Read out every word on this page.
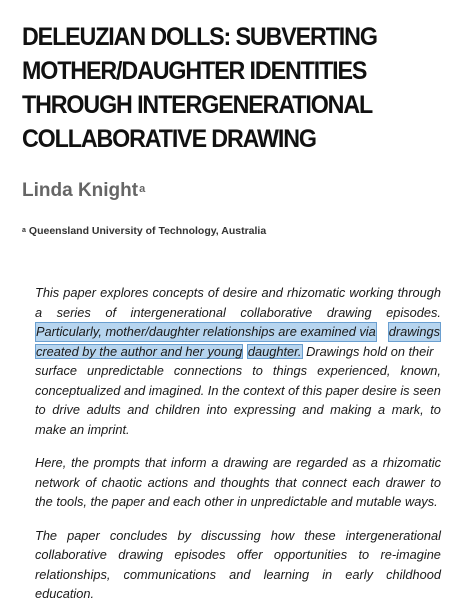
DELEUZIAN DOLLS: SUBVERTING
MOTHER/DAUGHTER IDENTITIES
THROUGH INTERGENERATIONAL
COLLABORATIVE DRAWING
Linda Knight$^a$
$^a$ Queensland University of Technology, Australia
This paper explores concepts of desire and rhizomatic working through
a series of intergenerational collaborative drawing episodes.
Particularly, mother/daughter relationships are examined via drawings
created by the author and her young daughter. Drawings hold on their
surface unpredictable connections to things experienced, known,
conceptualized and imagined. In the context of this paper desire is seen
to drive adults and children into expressing and making a mark, to
make an imprint.
Here, the prompts that inform a drawing are regarded as a rhizomatic
network of chaotic actions and thoughts that connect each drawer to
the tools, the paper and each other in unpredictable and mutable ways.
The paper concludes by discussing how these intergenerational
collaborative drawing episodes offer opportunities to re-imagine
relationships, communications and learning in early childhood
education.
